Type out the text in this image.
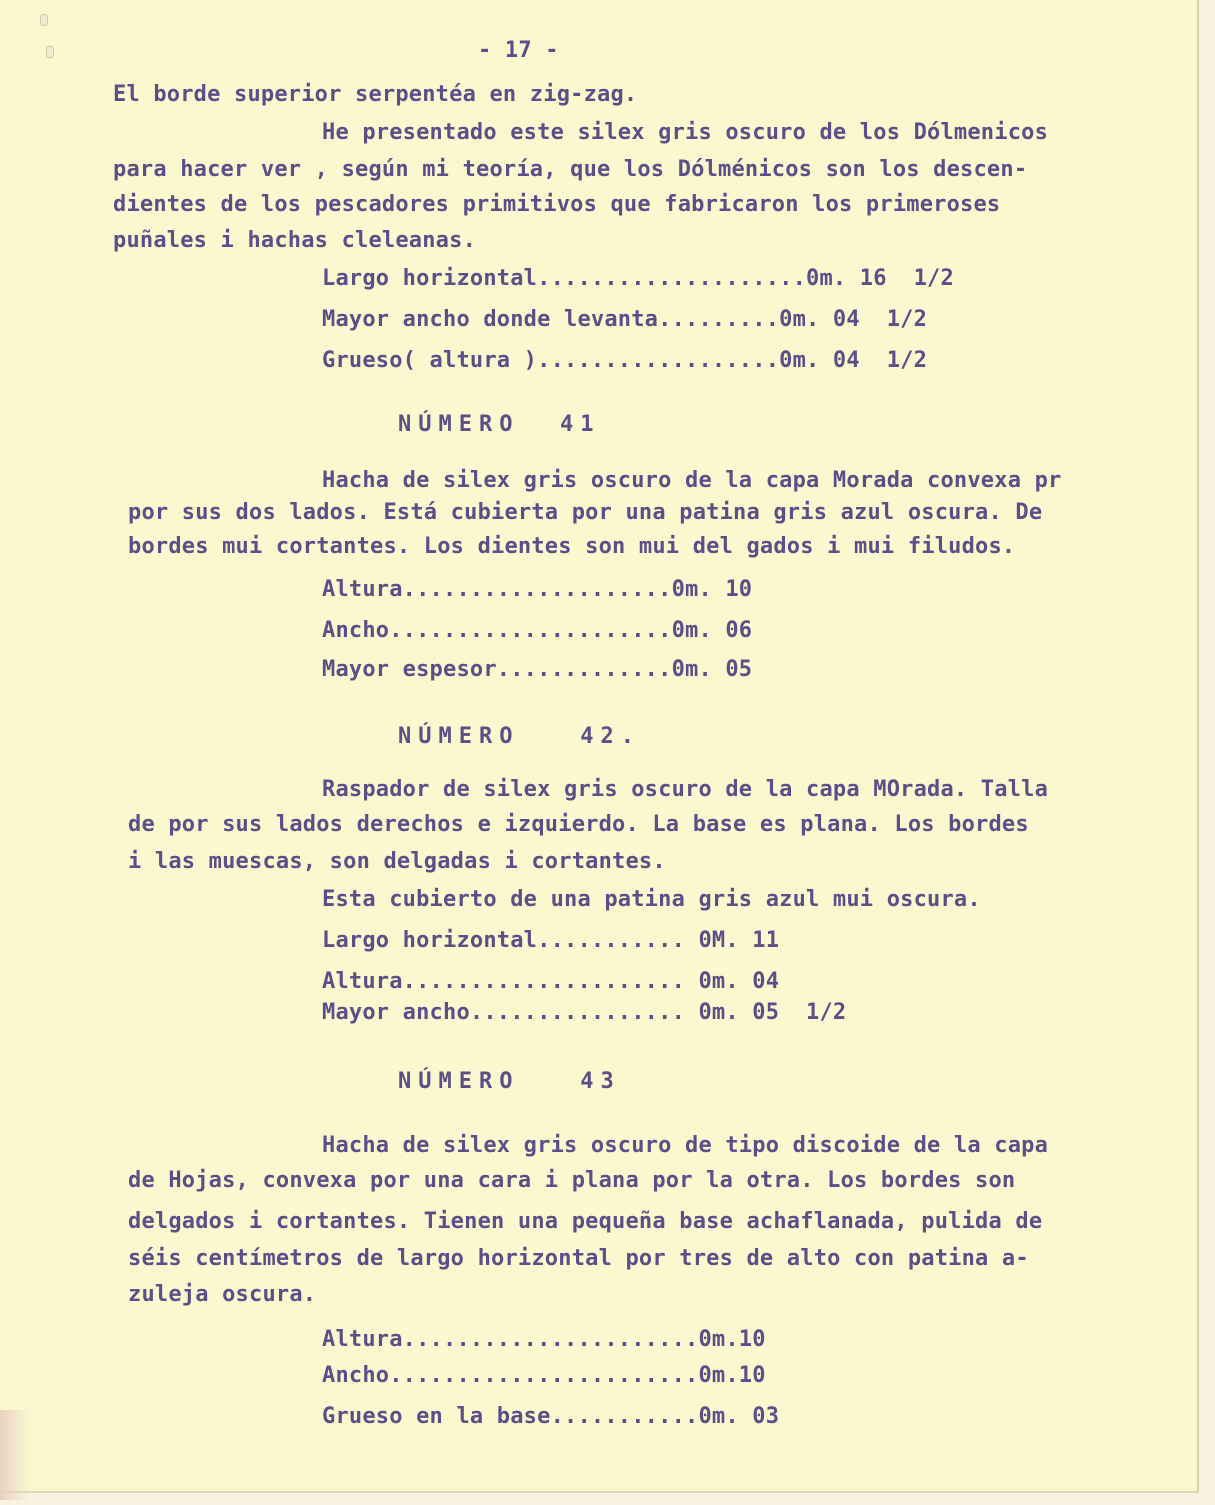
- 17 -
El borde superior serpentéa en zig-zag.
He presentado este silex gris oscuro de los Dólmenicos
para hacer ver , según mi teoría, que los Dólménicos son los descen-
dientes de los pescadores primitivos que fabricaron los primeroses
puñales i hachas cleleanas.
Largo horizontal....................0m. 16  1/2
Mayor ancho donde levanta.........0m. 04  1/2
Grueso( altura )..................0m. 04  1/2
NÚMERO  41
Hacha de silex gris oscuro de la capa Morada convexa pr
por sus dos lados. Está cubierta por una patina gris azul oscura. De
bordes mui cortantes. Los dientes son mui del gados i mui filudos.
Altura....................0m. 10
Ancho.....................0m. 06
Mayor espesor.............0m. 05
NÚMERO   42.
Raspador de silex gris oscuro de la capa MOrada. Talla
de por sus lados derechos e izquierdo. La base es plana. Los bordes
i las muescas, son delgadas i cortantes.
Esta cubierto de una patina gris azul mui oscura.
Largo horizontal........... 0M. 11
Altura..................... 0m. 04
Mayor ancho................ 0m. 05  1/2
NÚMERO   43
Hacha de silex gris oscuro de tipo discoide de la capa
de Hojas, convexa por una cara i plana por la otra. Los bordes son
delgados i cortantes. Tienen una pequeña base achaflanada, pulida de
séis centímetros de largo horizontal por tres de alto con patina a-
zuleja oscura.
Altura......................0m.10
Ancho.......................0m.10
Grueso en la base...........0m. 03
